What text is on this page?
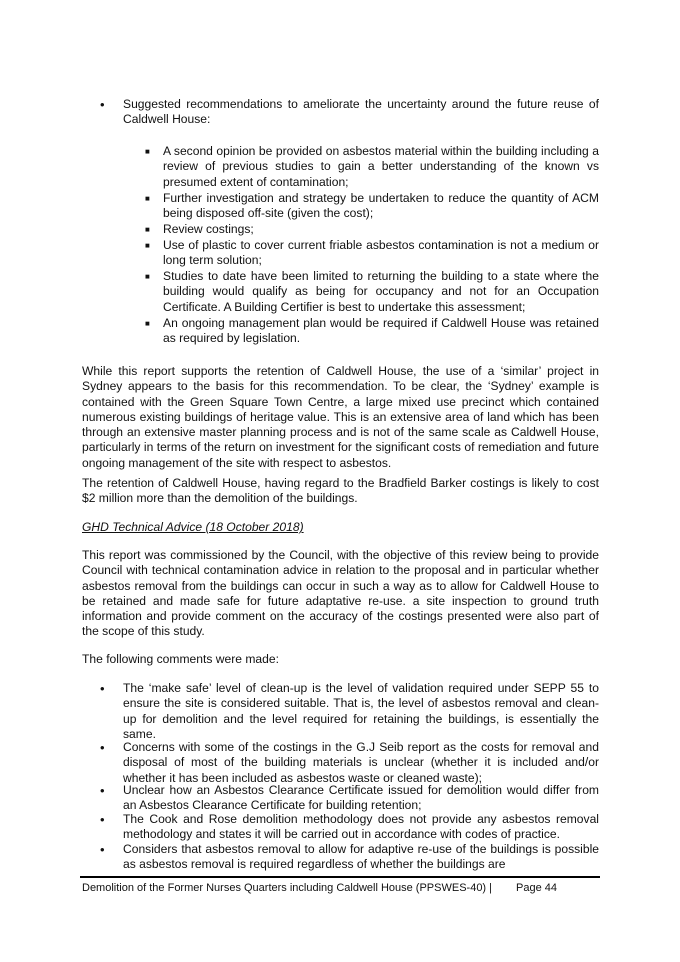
•	Suggested recommendations to ameliorate the uncertainty around the future reuse of Caldwell House:
■ A second opinion be provided on asbestos material within the building including a review of previous studies to gain a better understanding of the known vs presumed extent of contamination;
■ Further investigation and strategy be undertaken to reduce the quantity of ACM being disposed off-site (given the cost);
■ Review costings;
■ Use of plastic to cover current friable asbestos contamination is not a medium or long term solution;
■ Studies to date have been limited to returning the building to a state where the building would qualify as being for occupancy and not for an Occupation Certificate. A Building Certifier is best to undertake this assessment;
■ An ongoing management plan would be required if Caldwell House was retained as required by legislation.
While this report supports the retention of Caldwell House, the use of a ‘similar’ project in Sydney appears to the basis for this recommendation. To be clear, the ‘Sydney’ example is contained with the Green Square Town Centre, a large mixed use precinct which contained numerous existing buildings of heritage value. This is an extensive area of land which has been through an extensive master planning process and is not of the same scale as Caldwell House, particularly in terms of the return on investment for the significant costs of remediation and future ongoing management of the site with respect to asbestos.
The retention of Caldwell House, having regard to the Bradfield Barker costings is likely to cost $2 million more than the demolition of the buildings.
GHD Technical Advice (18 October 2018)
This report was commissioned by the Council, with the objective of this review being to provide Council with technical contamination advice in relation to the proposal and in particular whether asbestos removal from the buildings can occur in such a way as to allow for Caldwell House to be retained and made safe for future adaptative re-use. a site inspection to ground truth information and provide comment on the accuracy of the costings presented were also part of the scope of this study.
The following comments were made:
•	The ‘make safe’ level of clean-up is the level of validation required under SEPP 55 to ensure the site is considered suitable. That is, the level of asbestos removal and clean-up for demolition and the level required for retaining the buildings, is essentially the same.
•	Concerns with some of the costings in the G.J Seib report as the costs for removal and disposal of most of the building materials is unclear (whether it is included and/or whether it has been included as asbestos waste or cleaned waste);
•	Unclear how an Asbestos Clearance Certificate issued for demolition would differ from an Asbestos Clearance Certificate for building retention;
•	The Cook and Rose demolition methodology does not provide any asbestos removal methodology and states it will be carried out in accordance with codes of practice.
•	Considers that asbestos removal to allow for adaptive re-use of the buildings is possible as asbestos removal is required regardless of whether the buildings are
Demolition of the Former Nurses Quarters including Caldwell House (PPSWES-40) | Page 44
